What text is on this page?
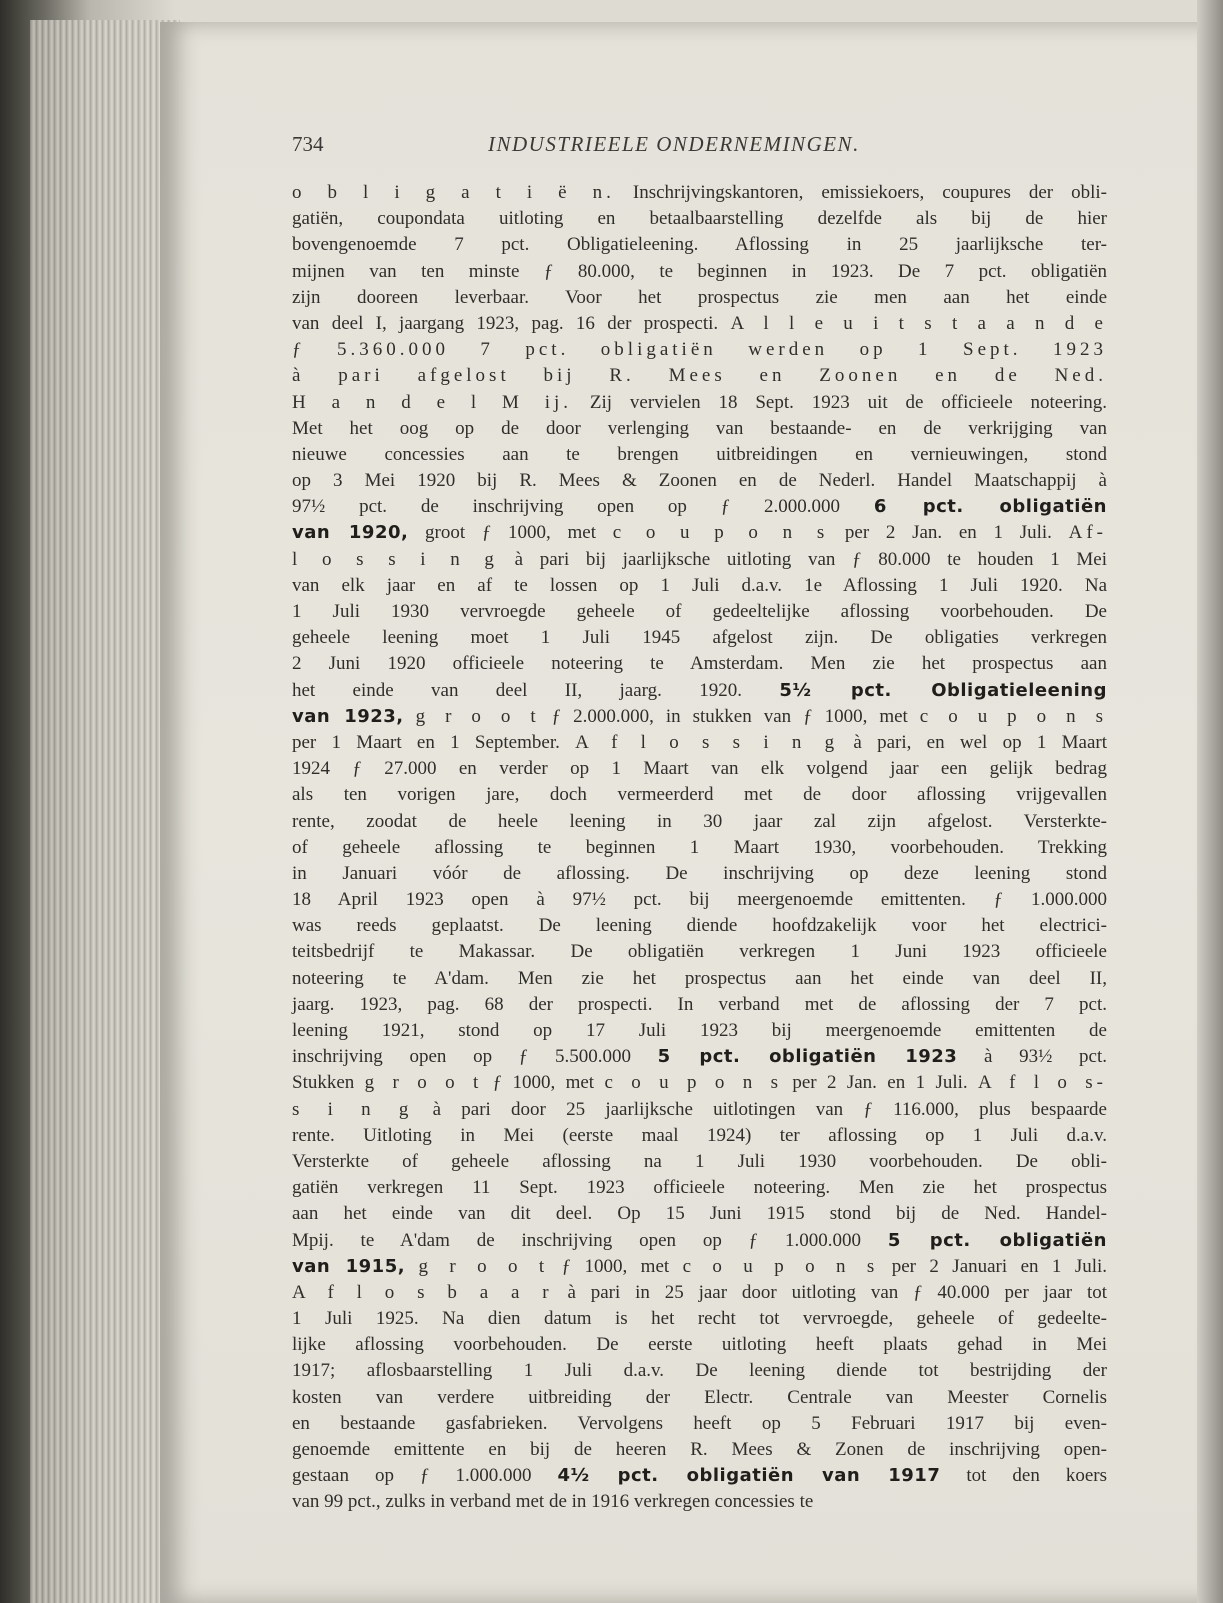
734	INDUSTRIEELE ONDERNEMINGEN.
o b l i g a t i ë n. Inschrijvingskantoren, emissiekoers, coupures der obli-
gatiën, coupondata uitloting en betaalbaarstelling dezelfde als bij de hier
bovengenoemde 7 pct. Obligatieleening. Aflossing in 25 jaarlijksche ter-
mijnen van ten minste ƒ 80.000, te beginnen in 1923. De 7 pct. obligatiën
zijn dooreen leverbaar. Voor het prospectus zie men aan het einde
van deel I, jaargang 1923, pag. 16 der prospecti. A l l e u i t s t a a n d e
ƒ 5.360.000 7 pct. obligatiën werden op 1 Sept. 1923
à pari afgelost bij R. Mees en Zoonen en de Ned.
H a n d e l M ij. Zij vervielen 18 Sept. 1923 uit de officieele noteering.
Met het oog op de door verlenging van bestaande- en de verkrijging van
nieuwe concessies aan te brengen uitbreidingen en vernieuwingen, stond
op 3 Mei 1920 bij R. Mees & Zoonen en de Nederl. Handel Maatschappij à
97½ pct. de inschrijving open op ƒ 2.000.000 6 pct. obligatiën
van 1920, groot ƒ 1000, met c o u p o n s per 2 Jan. en 1 Juli. Af-
l o s s i n g à pari bij jaarlijksche uitloting van ƒ 80.000 te houden 1 Mei
van elk jaar en af te lossen op 1 Juli d.a.v. 1e Aflossing 1 Juli 1920. Na
1 Juli 1930 vervroegde geheele of gedeeltelijke aflossing voorbehouden. De
geheele leening moet 1 Juli 1945 afgelost zijn. De obligaties verkregen
2 Juni 1920 officieele noteering te Amsterdam. Men zie het prospectus aan
het einde van deel II, jaarg. 1920. 5½ pct. Obligatieleening
van 1923, g r o o t ƒ 2.000.000, in stukken van ƒ 1000, met c o u p o n s
per 1 Maart en 1 September. A f l o s s i n g à pari, en wel op 1 Maart
1924 ƒ 27.000 en verder op 1 Maart van elk volgend jaar een gelijk bedrag
als ten vorigen jare, doch vermeerderd met de door aflossing vrijgevallen
rente, zoodat de heele leening in 30 jaar zal zijn afgelost. Versterkte-
of geheele aflossing te beginnen 1 Maart 1930, voorbehouden. Trekking
in Januari vóór de aflossing. De inschrijving op deze leening stond
18 April 1923 open à 97½ pct. bij meergenoemde emittenten. ƒ 1.000.000
was reeds geplaatst. De leening diende hoofdzakelijk voor het electrici-
teitsbedrijf te Makassar. De obligatiën verkregen 1 Juni 1923 officieele
noteering te A'dam. Men zie het prospectus aan het einde van deel II,
jaarg. 1923, pag. 68 der prospecti. In verband met de aflossing der 7 pct.
leening 1921, stond op 17 Juli 1923 bij meergenoemde emittenten de
inschrijving open op ƒ 5.500.000 5 pct. obligatiën 1923 à 93½ pct.
Stukken g r o o t ƒ 1000, met c o u p o n s per 2 Jan. en 1 Juli. A f l o s-
s i n g à pari door 25 jaarlijksche uitlotingen van ƒ 116.000, plus bespaarde
rente. Uitloting in Mei (eerste maal 1924) ter aflossing op 1 Juli d.a.v.
Versterkte of geheele aflossing na 1 Juli 1930 voorbehouden. De obli-
gatiën verkregen 11 Sept. 1923 officieele noteering. Men zie het prospectus
aan het einde van dit deel. Op 15 Juni 1915 stond bij de Ned. Handel-
Mpij. te A'dam de inschrijving open op ƒ 1.000.000 5 pct. obligatiën
van 1915, g r o o t ƒ 1000, met c o u p o n s per 2 Januari en 1 Juli.
A f l o s b a a r à pari in 25 jaar door uitloting van ƒ 40.000 per jaar tot
1 Juli 1925. Na dien datum is het recht tot vervroegde, geheele of gedeelte-
lijke aflossing voorbehouden. De eerste uitloting heeft plaats gehad in Mei
1917; aflosbaarstelling 1 Juli d.a.v. De leening diende tot bestrijding der
kosten van verdere uitbreiding der Electr. Centrale van Meester Cornelis
en bestaande gasfabrieken. Vervolgens heeft op 5 Februari 1917 bij even-
genoemde emittente en bij de heeren R. Mees & Zonen de inschrijving open-
gestaan op ƒ 1.000.000 4½ pct. obligatiën van 1917 tot den koers
van 99 pct., zulks in verband met de in 1916 verkregen concessies te
